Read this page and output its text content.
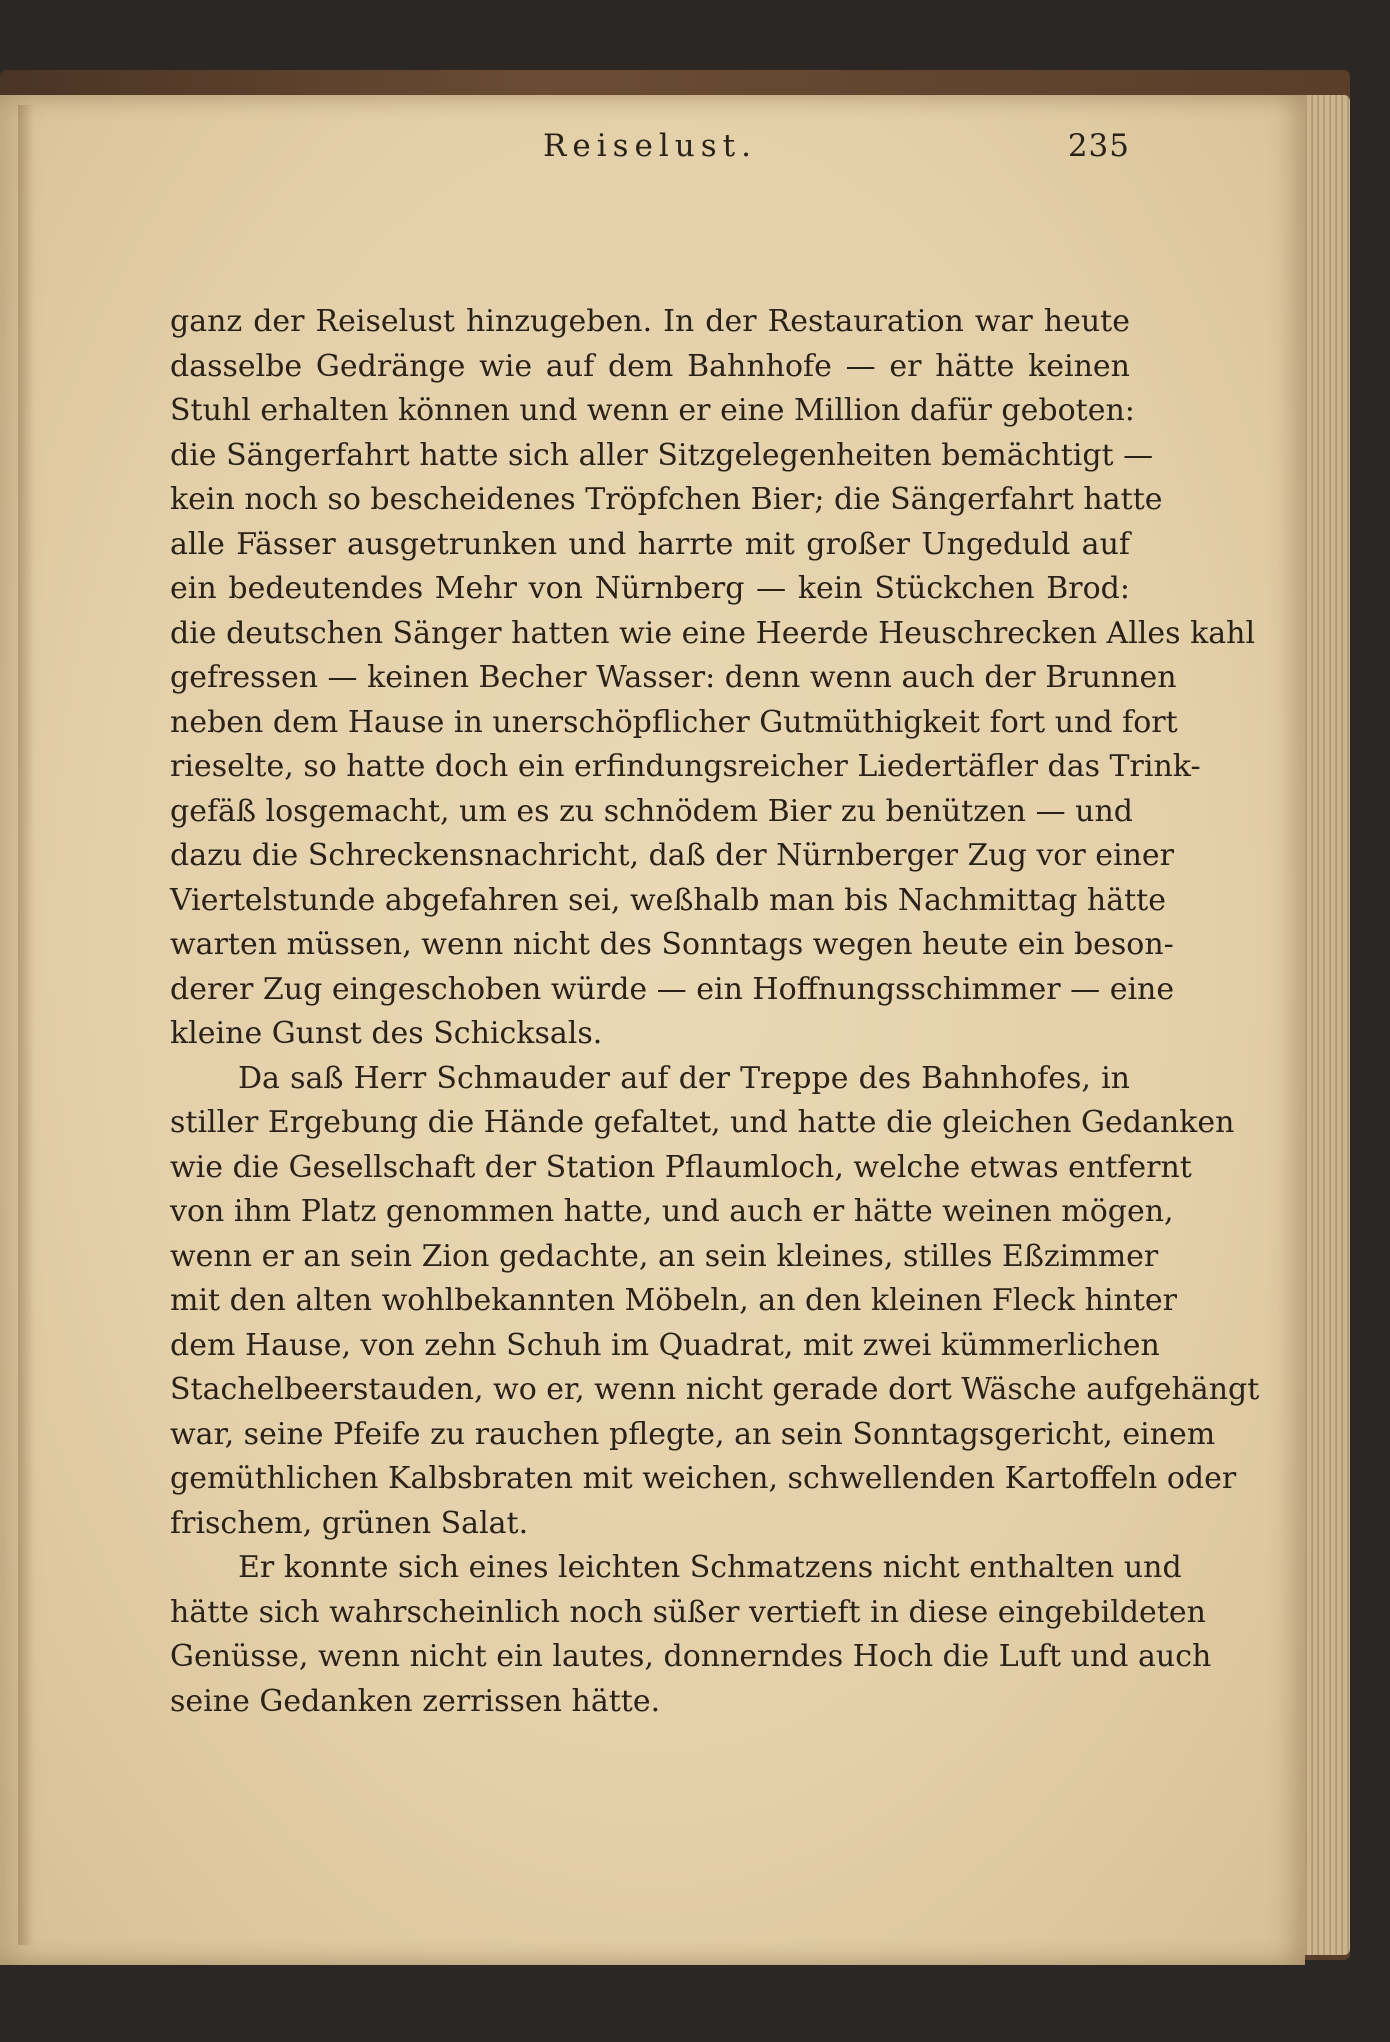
Reiselust.	235
ganz der Reiselust hinzugeben. In der Restauration war heute
dasselbe Gedränge wie auf dem Bahnhofe — er hätte keinen
Stuhl erhalten können und wenn er eine Million dafür geboten:
die Sängerfahrt hatte sich aller Sitzgelegenheiten bemächtigt —
kein noch so bescheidenes Tröpfchen Bier; die Sängerfahrt hatte
alle Fässer ausgetrunken und harrte mit großer Ungeduld auf
ein bedeutendes Mehr von Nürnberg — kein Stückchen Brod:
die deutschen Sänger hatten wie eine Heerde Heuschrecken Alles kahl
gefressen — keinen Becher Wasser: denn wenn auch der Brunnen
neben dem Hause in unerschöpflicher Gutmüthigkeit fort und fort
rieselte, so hatte doch ein erfindungsreicher Liedertäfler das Trink-
gefäß losgemacht, um es zu schnödem Bier zu benützen — und
dazu die Schreckensnachricht, daß der Nürnberger Zug vor einer
Viertelstunde abgefahren sei, weßhalb man bis Nachmittag hätte
warten müssen, wenn nicht des Sonntags wegen heute ein beson-
derer Zug eingeschoben würde — ein Hoffnungsschimmer — eine
kleine Gunst des Schicksals.
Da saß Herr Schmauder auf der Treppe des Bahnhofes, in
stiller Ergebung die Hände gefaltet, und hatte die gleichen Gedanken
wie die Gesellschaft der Station Pflaumloch, welche etwas entfernt
von ihm Platz genommen hatte, und auch er hätte weinen mögen,
wenn er an sein Zion gedachte, an sein kleines, stilles Eßzimmer
mit den alten wohlbekannten Möbeln, an den kleinen Fleck hinter
dem Hause, von zehn Schuh im Quadrat, mit zwei kümmerlichen
Stachelbeerstauden, wo er, wenn nicht gerade dort Wäsche aufgehängt
war, seine Pfeife zu rauchen pflegte, an sein Sonntagsgericht, einem
gemüthlichen Kalbsbraten mit weichen, schwellenden Kartoffeln oder
frischem, grünen Salat.
Er konnte sich eines leichten Schmatzens nicht enthalten und
hätte sich wahrscheinlich noch süßer vertieft in diese eingebildeten
Genüsse, wenn nicht ein lautes, donnerndes Hoch die Luft und auch
seine Gedanken zerrissen hätte.
